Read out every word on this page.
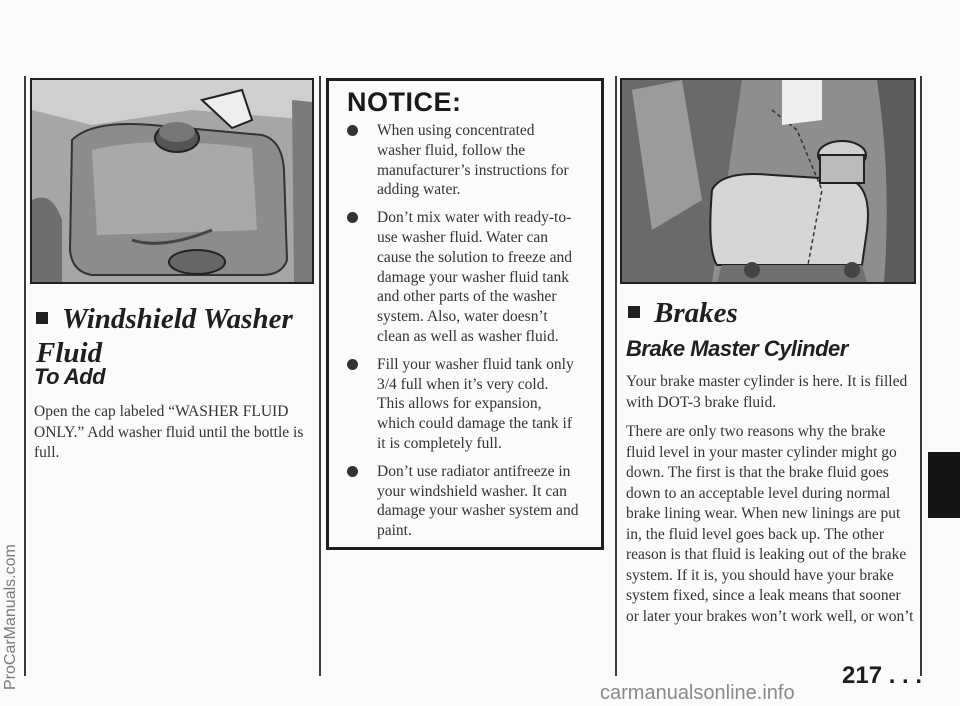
Windshield Washer Fluid
To Add

Open the cap labeled “WASHER FLUID ONLY.” Add washer fluid until the bottle is full.

NOTICE:
When using concentrated washer fluid, follow the manufacturer’s instructions for adding water.
Don’t mix water with ready-to-use washer fluid. Water can cause the solution to freeze and damage your washer fluid tank and other parts of the washer system. Also, water doesn’t clean as well as washer fluid.
Fill your washer fluid tank only 3/4 full when it’s very cold. This allows for expansion, which could damage the tank if it is completely full.
Don’t use radiator antifreeze in your windshield washer. It can damage your washer system and paint.
Brakes
Brake Master Cylinder

Your brake master cylinder is here. It is filled with DOT-3 brake fluid.

There are only two reasons why the brake fluid level in your master cylinder might go down. The first is that the brake fluid goes down to an acceptable level during normal brake lining wear. When new linings are put in, the fluid level goes back up. The other reason is that fluid is leaking out of the brake system. If it is, you should have your brake system fixed, since a leak means that sooner or later your brakes won’t work well, or won’t

217 . . .
ProCarManuals.com
carmanualsonline.info
